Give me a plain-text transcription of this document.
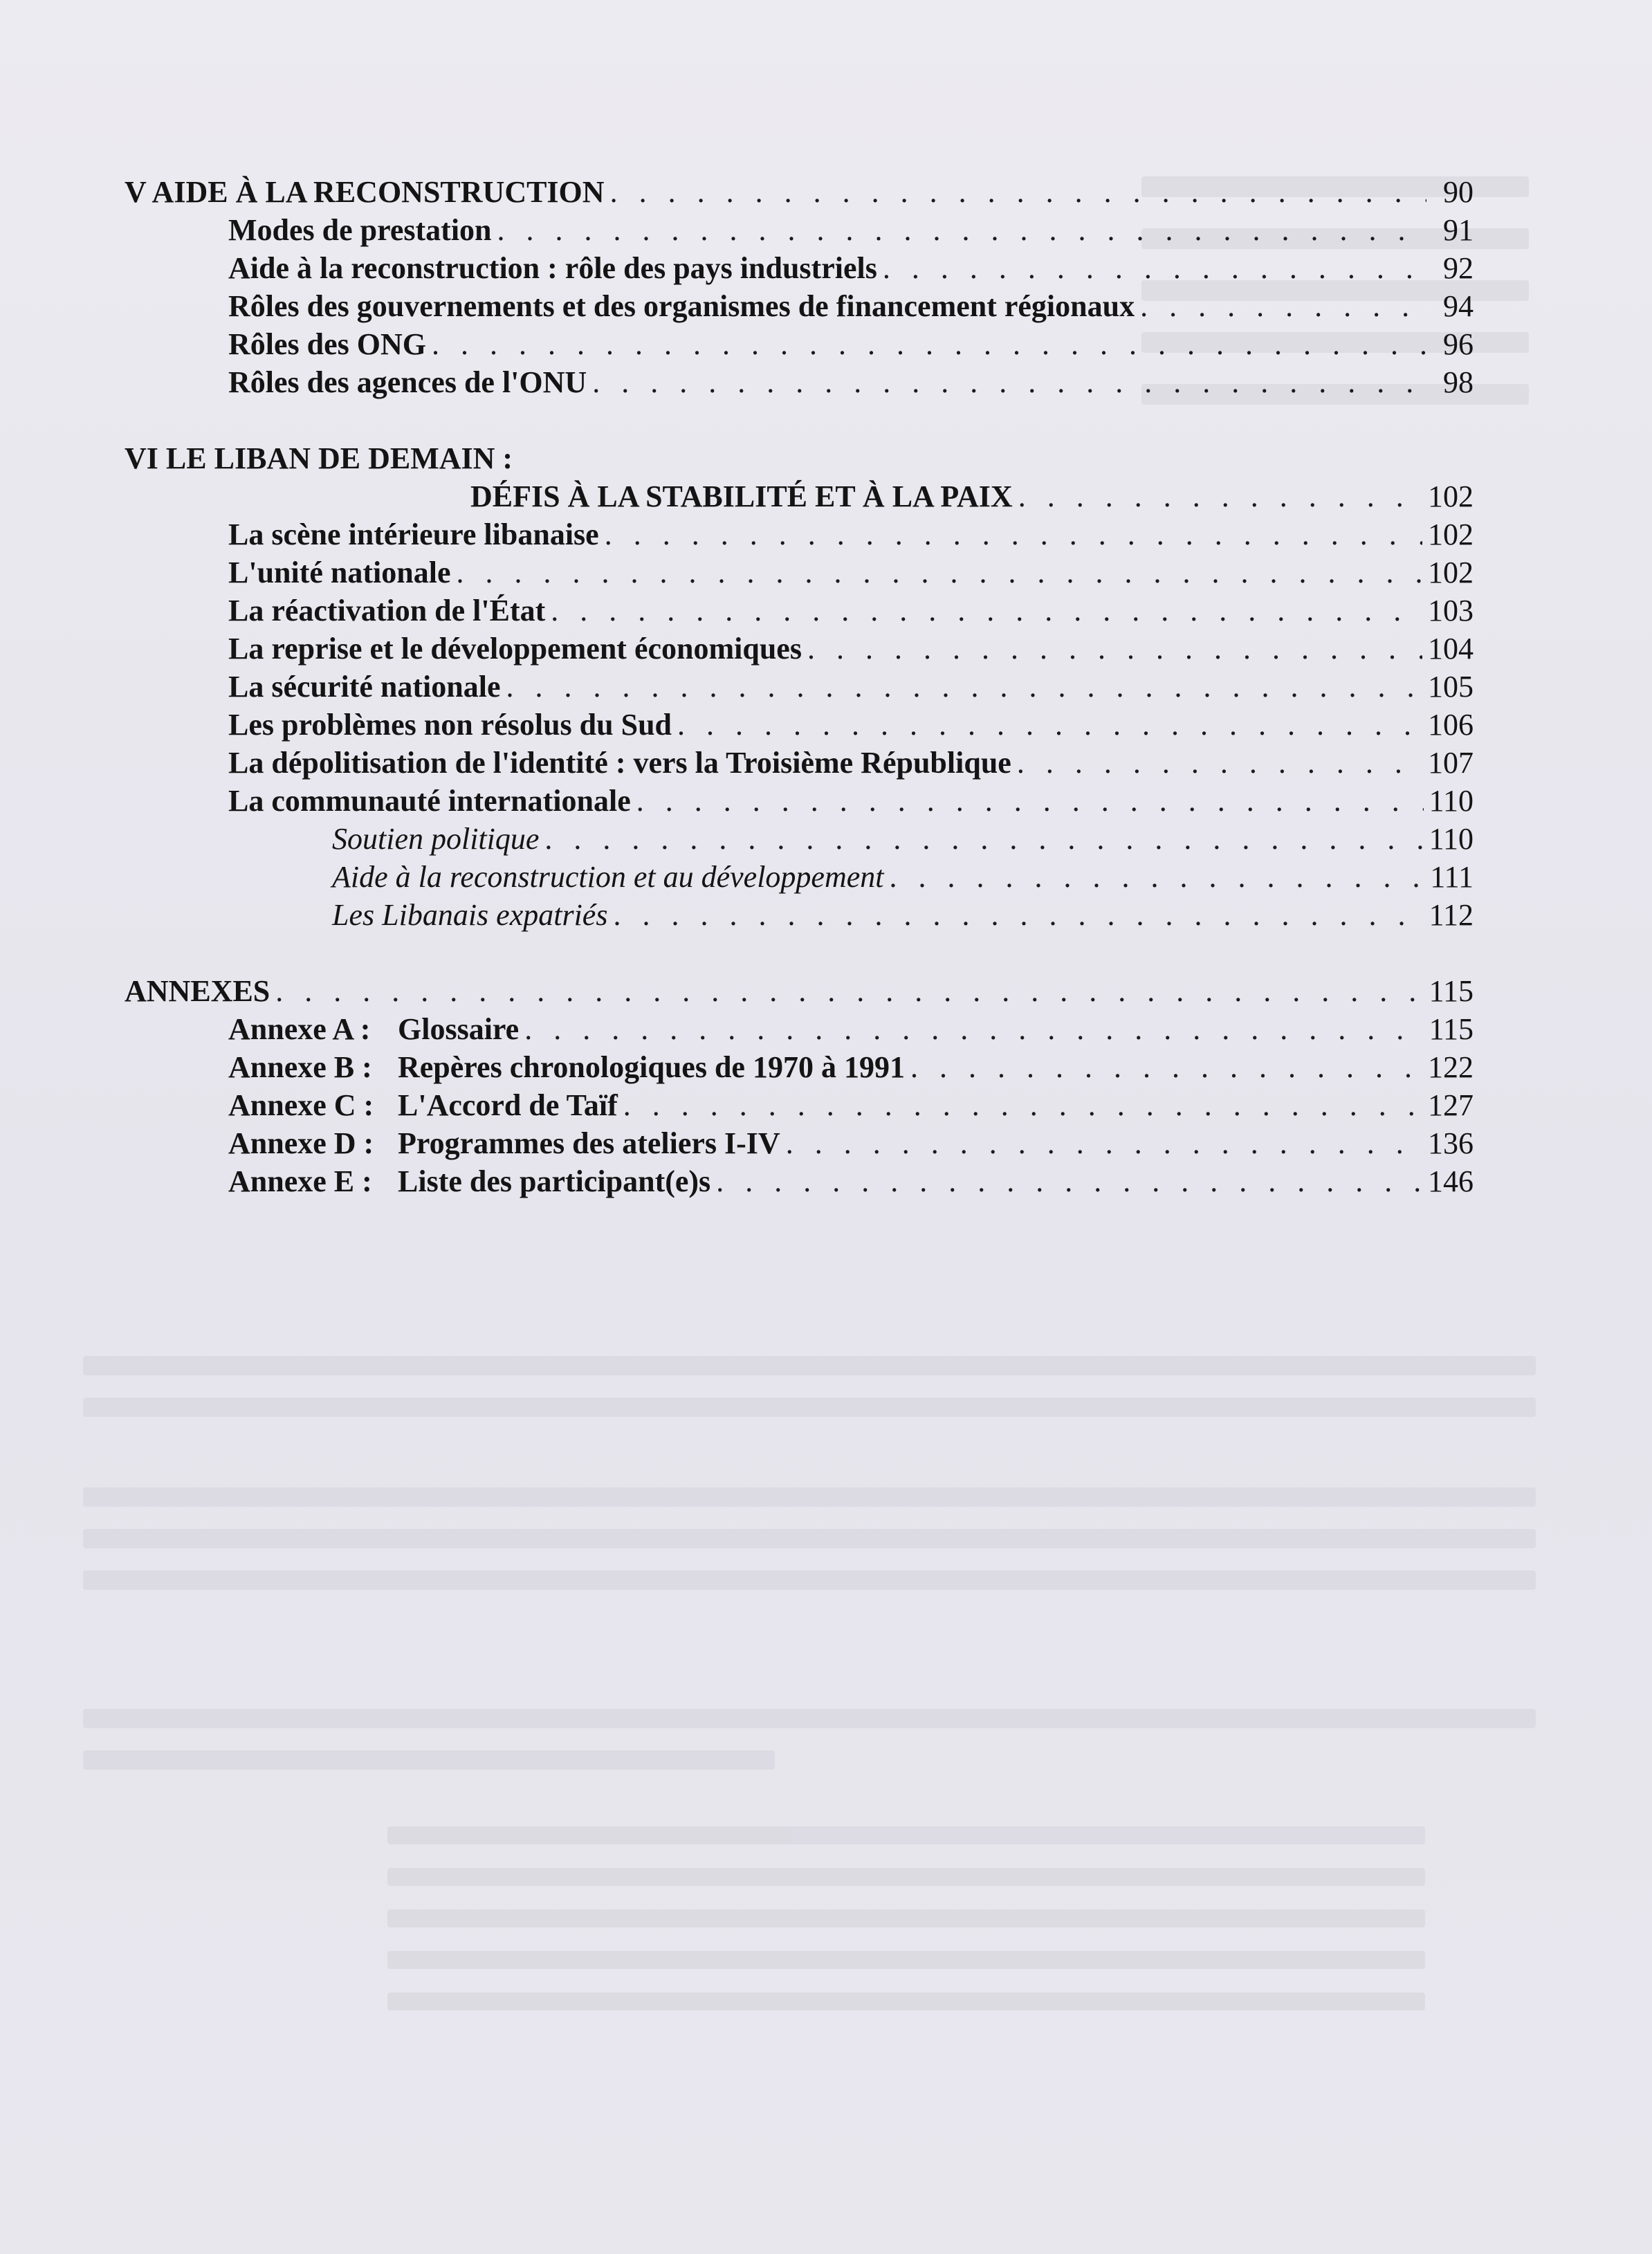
V AIDE À LA RECONSTRUCTION . . .	90
Modes de prestation . . .	91
Aide à la reconstruction : rôle des pays industriels . . .	92
Rôles des gouvernements et des organismes de financement régionaux . . .	94
Rôles des ONG . . .	96
Rôles des agences de l'ONU . . .	98
VI LE LIBAN DE DEMAIN :
DÉFIS À LA STABILITÉ ET À LA PAIX . . .	102
La scène intérieure libanaise . . .	102
L'unité nationale . . .	102
La réactivation de l'État . . .	103
La reprise et le développement économiques . . .	104
La sécurité nationale . . .	105
Les problèmes non résolus du Sud . . .	106
La dépolitisation de l'identité : vers la Troisième République . . .	107
La communauté internationale . . .	110
Soutien politique . . .	110
Aide à la reconstruction et au développement . . .	111
Les Libanais expatriés . . .	112
ANNEXES . . .	115
Annexe A : Glossaire . . .	115
Annexe B : Repères chronologiques de 1970 à 1991 . . .	122
Annexe C : L'Accord de Taïf . . .	127
Annexe D : Programmes des ateliers I-IV . . .	136
Annexe E : Liste des participant(e)s . . .	146
